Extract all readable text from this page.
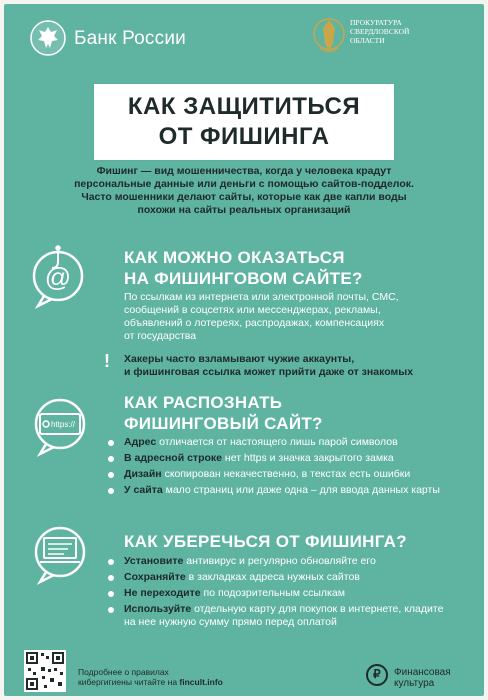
Банк России
ПРОКУРАТУРА
СВЕРДЛОВСКОЙ
ОБЛАСТИ
КАК ЗАЩИТИТЬСЯ
ОТ ФИШИНГА
Фишинг — вид мошенничества, когда у человека крадут
персональные данные или деньги с помощью сайтов-подделок.
Часто мошенники делают сайты, которые как две капли воды
похожи на сайты реальных организаций
@
КАК МОЖНО ОКАЗАТЬСЯ
НА ФИШИНГОВОМ САЙТЕ?
По ссылкам из интернета или электронной почты, СМС,
сообщений в соцсетях или мессенджерах, рекламы,
объявлений о лотереях, распродажах, компенсациях
от государства
! Хакеры часто взламывают чужие аккаунты,
и фишинговая ссылка может прийти даже от знакомых
https://
КАК РАСПОЗНАТЬ
ФИШИНГОВЫЙ САЙТ?
Адрес отличается от настоящего лишь парой символов
В адресной строке нет https и значка закрытого замка
Дизайн скопирован некачественно, в текстах есть ошибки
У сайта мало страниц или даже одна – для ввода данных карты
КАК УБЕРЕЧЬСЯ ОТ ФИШИНГА?
Установите антивирус и регулярно обновляйте его
Сохраняйте в закладках адреса нужных сайтов
Не переходите по подозрительным ссылкам
Используйте отдельную карту для покупок в интернете, кладите на нее нужную сумму прямо перед оплатой
Подробнее о правилах
кибергигиены читайте на fincult.info
₽ Финансовая
культура
